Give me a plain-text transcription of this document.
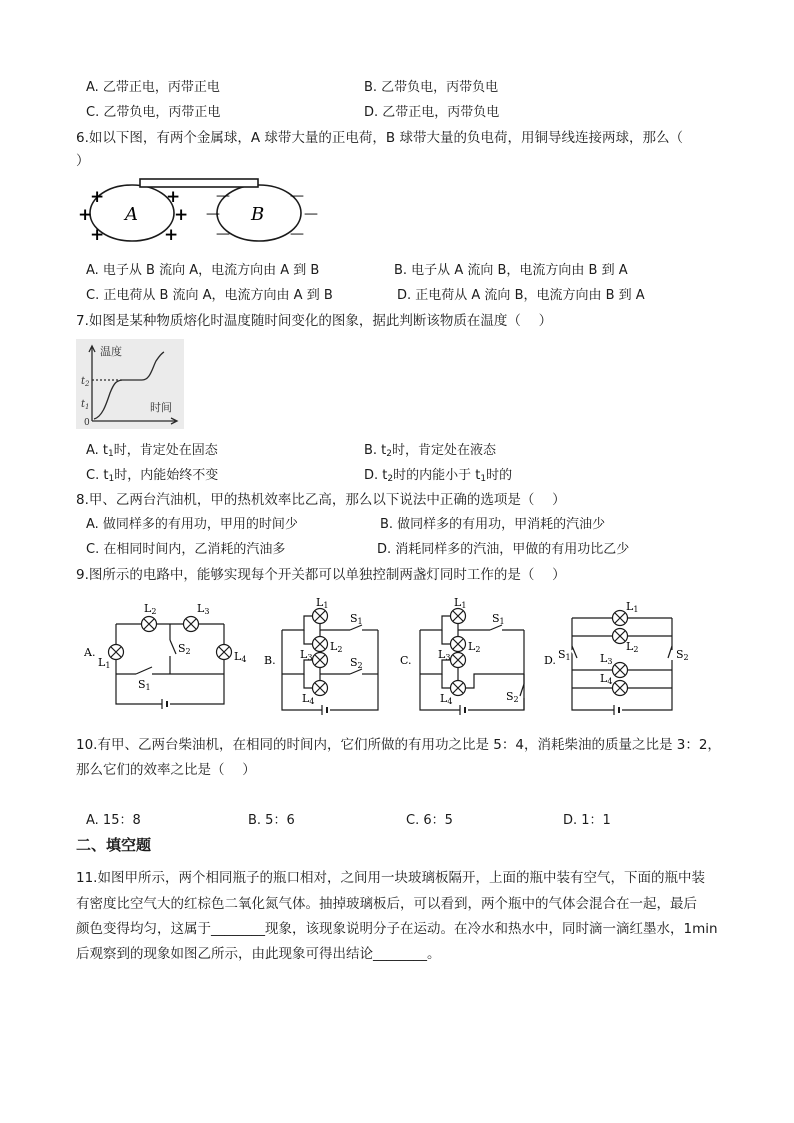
A. 乙带正电，丙带正电	B. 乙带负电，丙带负电
C. 乙带负电，丙带正电	D. 乙带正电，丙带负电
6.如以下图，有两个金属球，A 球带大量的正电荷，B 球带大量的负电荷，用铜导线连接两球，那么（
）
A	B
+
+
+
+
+
+
—
—
—
—
—
—
A. 电子从 B 流向 A，电流方向由 A 到 B	B. 电子从 A 流向 B，电流方向由 B 到 A
C. 正电荷从 B 流向 A，电流方向由 A 到 B	D. 正电荷从 A 流向 B，电流方向由 B 到 A
7.如图是某种物质熔化时温度随时间变化的图象，据此判断该物质在温度（　 ）
温度
时间
$t_2$
$t_1$
0
A. $t_1$时，肯定处在固态	B. $t_2$时，肯定处在液态
C. $t_1$时，内能始终不变	D. $t_2$时的内能小于 $t_1$时的
8.甲、乙两台汽油机，甲的热机效率比乙高，那么以下说法中正确的选项是（　 ）
A. 做同样多的有用功，甲用的时间少	B. 做同样多的有用功，甲消耗的汽油少
C. 在相同时间内，乙消耗的汽油多	D. 消耗同样多的汽油，甲做的有用功比乙少
9.图所示的电路中，能够实现每个开关都可以单独控制两盏灯同时工作的是（　 ）
A.
L1
L2	L3
L4
S2
S1
B.
L1
L2
L3
L4
S1
S2	C.
L1
L2
L3
L4
S1
S2
D.
L1
L2
L3
L4
S1	S2
10.有甲、乙两台柴油机，在相同的时间内，它们所做的有用功之比是 5：4，消耗柴油的质量之比是 3：2，
那么它们的效率之比是（　 ）
A. 15：8	B. 5：6	C. 6：5	D. 1：1
二、填空题
11.如图甲所示，两个相同瓶子的瓶口相对，之间用一块玻璃板隔开，上面的瓶中装有空气，下面的瓶中装
有密度比空气大的红棕色二氧化氮气体。抽掉玻璃板后，可以看到，两个瓶中的气体会混合在一起，最后
颜色变得均匀，这属于________现象，该现象说明分子在运动。在冷水和热水中，同时滴一滴红墨水，1min
后观察到的现象如图乙所示，由此现象可得出结论________。
